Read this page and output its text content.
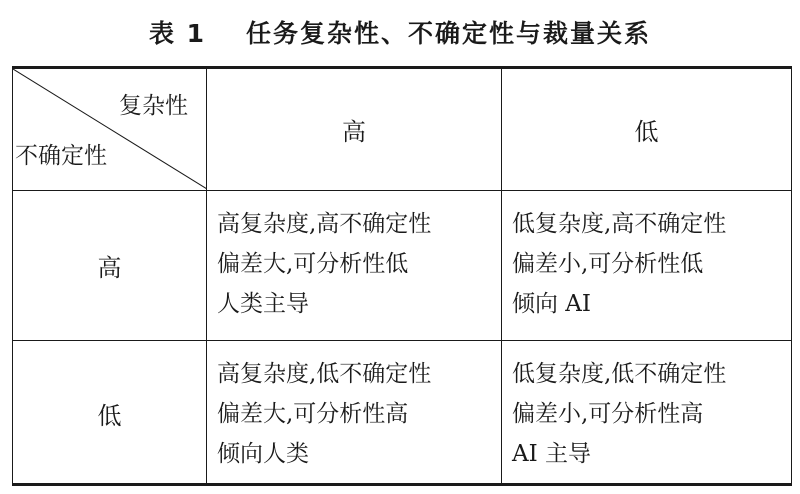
表 1 任务复杂性、不确定性与裁量关系
复杂性
不确定性
高	低
高
高复杂度,高不确定性
偏差大,可分析性低
人类主导
低复杂度,高不确定性
偏差小,可分析性低
倾向 AI
低
高复杂度,低不确定性
偏差大,可分析性高
倾向人类
低复杂度,低不确定性
偏差小,可分析性高
AI 主导
